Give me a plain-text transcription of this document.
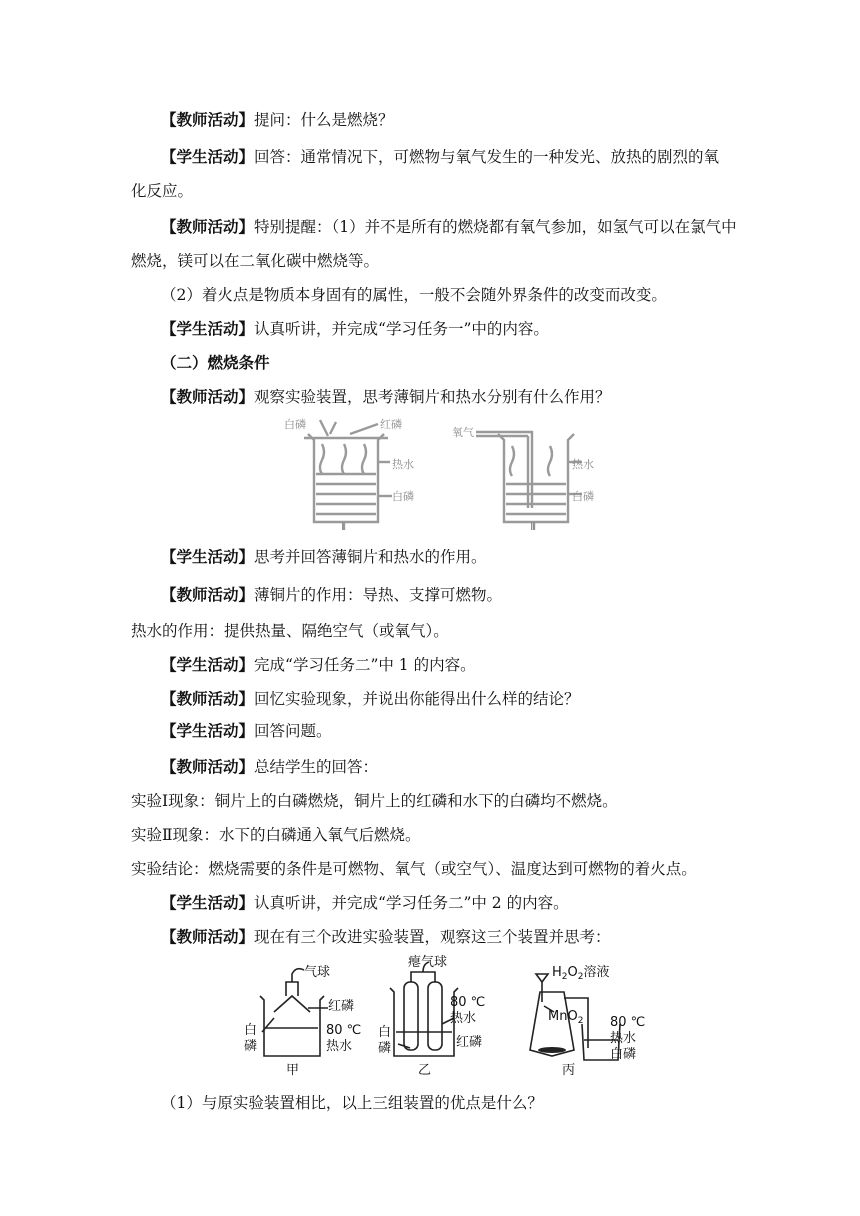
【教师活动】提问：什么是燃烧？
【学生活动】回答：通常情况下，可燃物与氧气发生的一种发光、放热的剧烈的氧
化反应。
【教师活动】特别提醒：（1）并不是所有的燃烧都有氧气参加，如氢气可以在氯气中
燃烧，镁可以在二氧化碳中燃烧等。
（2）着火点是物质本身固有的属性，一般不会随外界条件的改变而改变。
【学生活动】认真听讲，并完成“学习任务一”中的内容。
（二）燃烧条件
【教师活动】观察实验装置，思考薄铜片和热水分别有什么作用？
白磷	红磷
热水
白磷
Ⅰ
氧气
热水
白磷
Ⅱ
【学生活动】思考并回答薄铜片和热水的作用。
【教师活动】薄铜片的作用：导热、支撑可燃物。
热水的作用：提供热量、隔绝空气（或氧气）。
【学生活动】完成“学习任务二”中 1 的内容。
【教师活动】回忆实验现象，并说出你能得出什么样的结论？
【学生活动】回答问题。
【教师活动】总结学生的回答：
实验Ⅰ现象：铜片上的白磷燃烧，铜片上的红磷和水下的白磷均不燃烧。
实验Ⅱ现象：水下的白磷通入氧气后燃烧。
实验结论：燃烧需要的条件是可燃物、氧气（或空气）、温度达到可燃物的着火点。
【学生活动】认真听讲，并完成“学习任务二”中 2 的内容。
【教师活动】现在有三个改进实验装置，观察这三个装置并思考：
气球
红磷
白
磷
80 ℃
热水
甲
瘪气球
80 ℃
热水
白
磷	红磷
乙
$H_2O_2$溶液
MnO$_2$ 80 ℃
热水
白磷
丙
（1）与原实验装置相比，以上三组装置的优点是什么？
